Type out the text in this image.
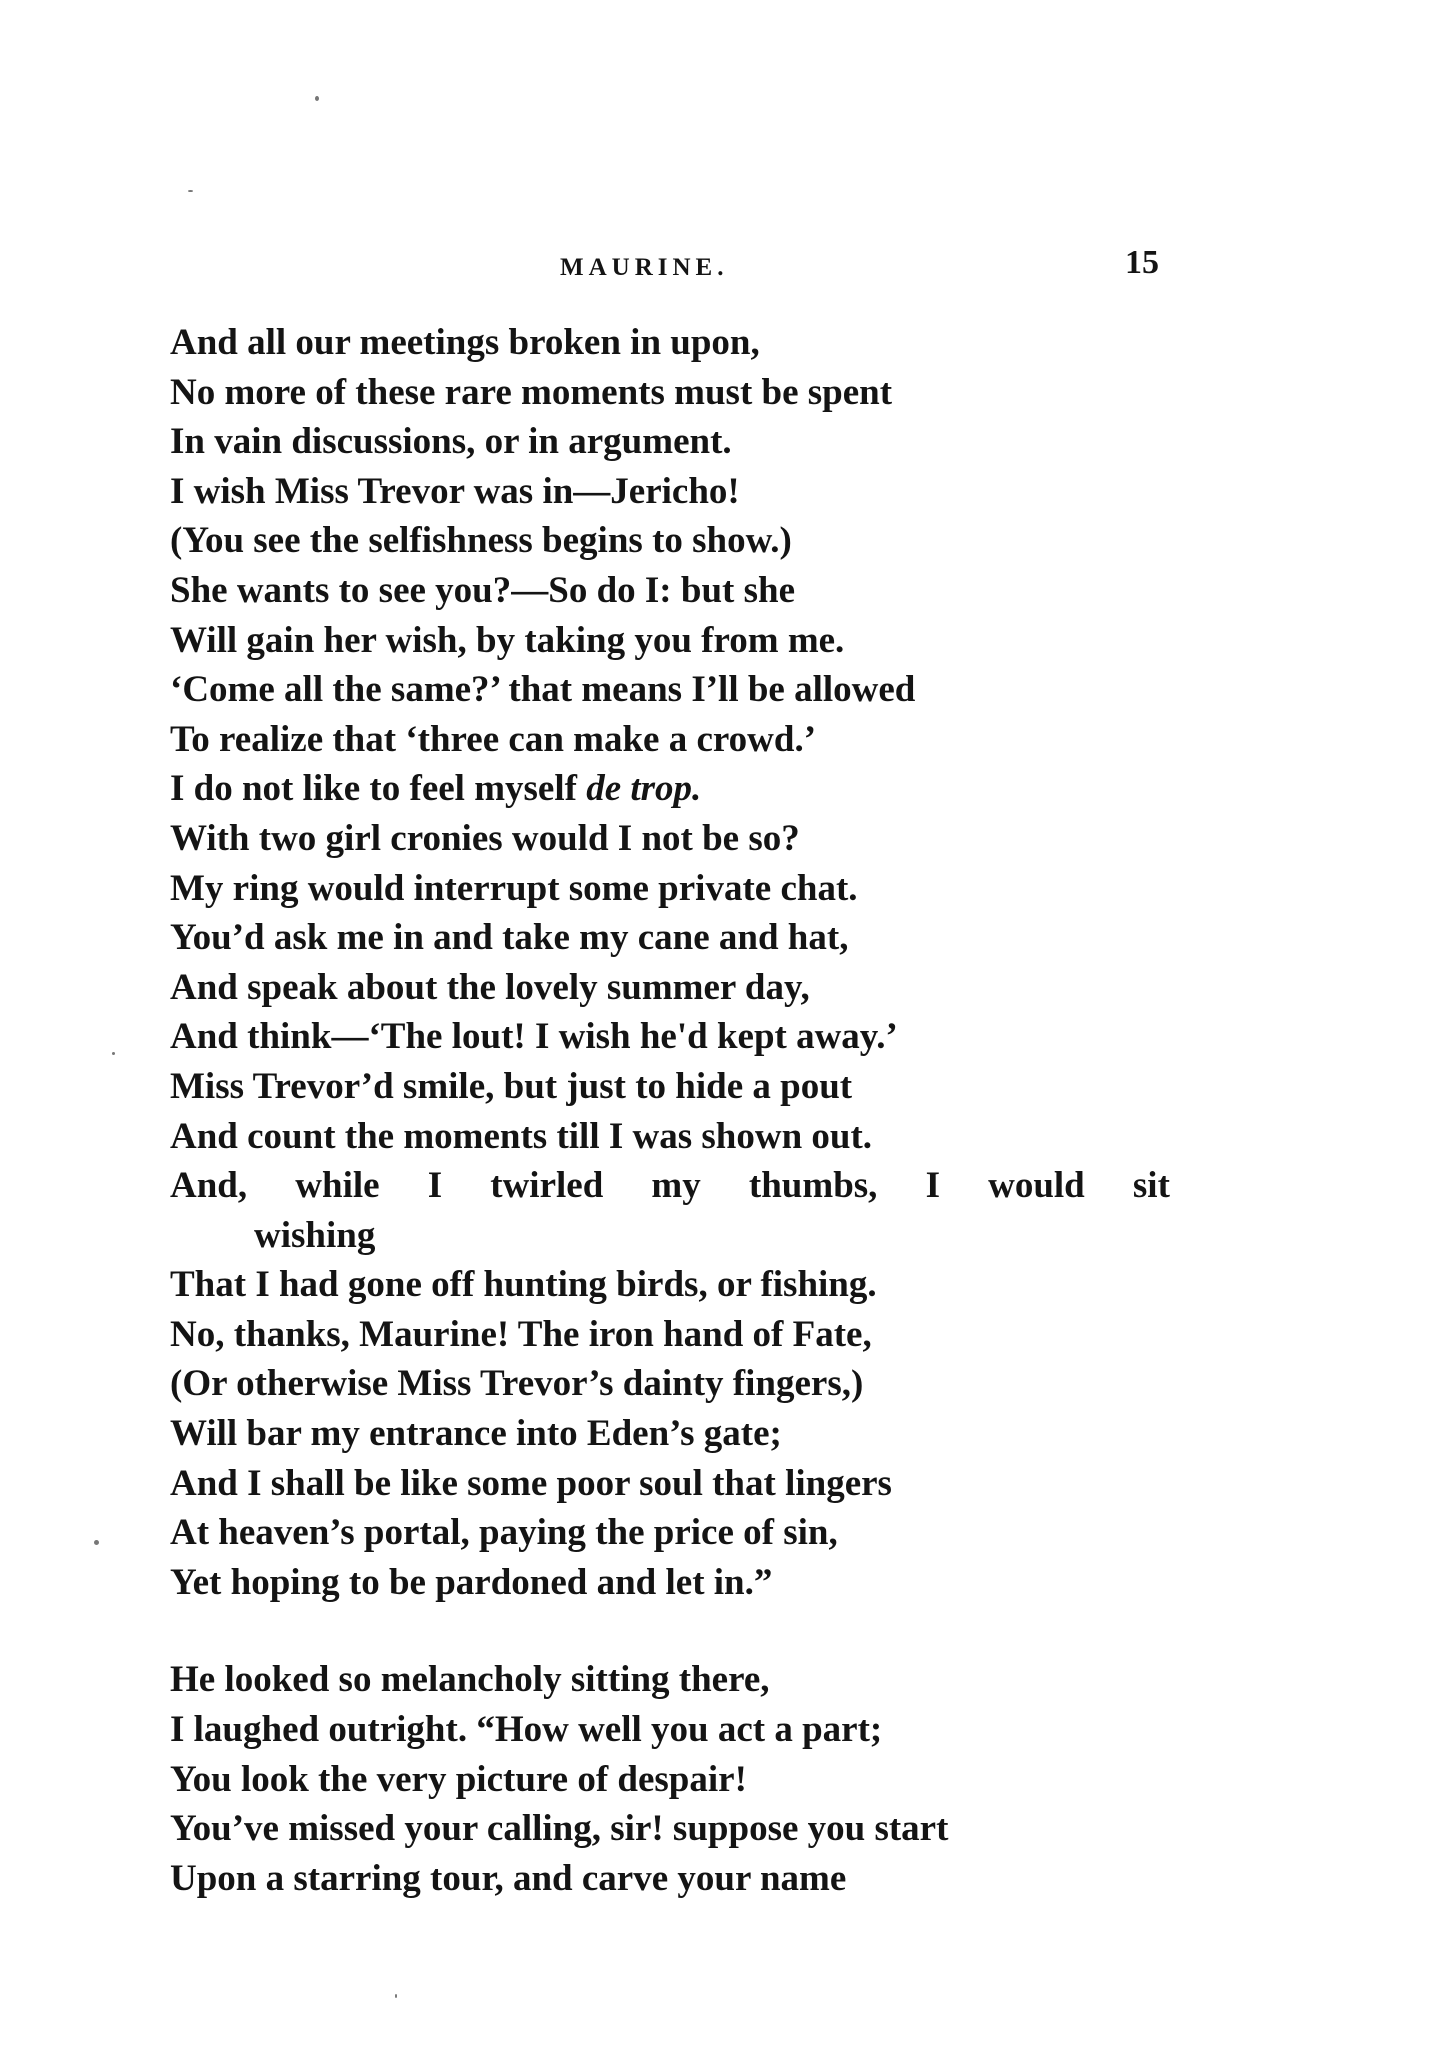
MAURINE.	15
And all our meetings broken in upon,
No more of these rare moments must be spent
In vain discussions, or in argument.
I wish Miss Trevor was in—Jericho!
(You see the selfishness begins to show.)
She wants to see you?—So do I: but she
Will gain her wish, by taking you from me.
‘Come all the same?’ that means I’ll be allowed
To realize that ‘three can make a crowd.’
I do not like to feel myself de trop.
With two girl cronies would I not be so?
My ring would interrupt some private chat.
You’d ask me in and take my cane and hat,
And speak about the lovely summer day,
And think—‘The lout! I wish he'd kept away.’
Miss Trevor’d smile, but just to hide a pout
And count the moments till I was shown out.
And, while I twirled my thumbs, I would sit
wishing
That I had gone off hunting birds, or fishing.
No, thanks, Maurine! The iron hand of Fate,
(Or otherwise Miss Trevor’s dainty fingers,)
Will bar my entrance into Eden’s gate;
And I shall be like some poor soul that lingers
At heaven’s portal, paying the price of sin,
Yet hoping to be pardoned and let in.”
He looked so melancholy sitting there,
I laughed outright. “How well you act a part;
You look the very picture of despair!
You’ve missed your calling, sir! suppose you start
Upon a starring tour, and carve your name
